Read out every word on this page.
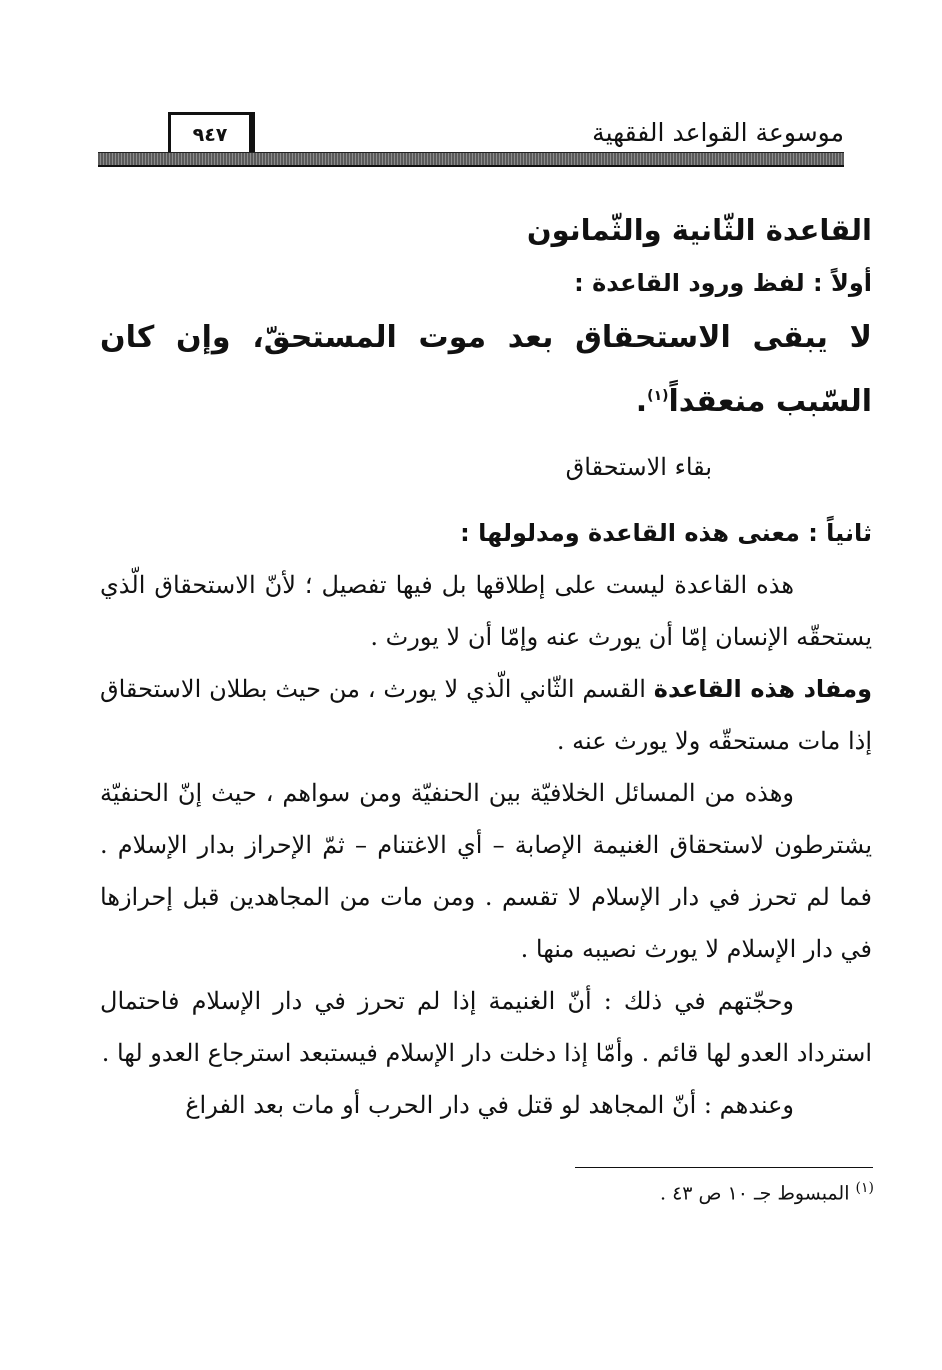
موسوعة القواعد الفقهية
٩٤٧
القاعدة الثّانية والثّمانون
أولاً : لفظ ورود القاعدة :

لا يبقى الاستحقاق بعد موت المستحقّ، وإن كان السّبب منعقداً$^{(١)}$.

بقاء الاستحقاق
ثانياً : معنى هذه القاعدة ومدلولها :

هذه القاعدة ليست على إطلاقها بل فيها تفصيل ؛ لأنّ الاستحقاق الّذي يستحقّه الإنسان إمّا أن يورث عنه وإمّا أن لا يورث .

ومفاد هذه القاعدة القسم الثّاني الّذي لا يورث ، من حيث بطلان الاستحقاق إذا مات مستحقّه ولا يورث عنه .

وهذه من المسائل الخلافيّة بين الحنفيّة ومن سواهم ، حيث إنّ الحنفيّة يشترطون لاستحقاق الغنيمة الإصابة – أي الاغتنام – ثمّ الإحراز بدار الإسلام . فما لم تحرز في دار الإسلام لا تقسم . ومن مات من المجاهدين قبل إحرازها في دار الإسلام لا يورث نصيبه منها .

وحجّتهم في ذلك : أنّ الغنيمة إذا لم تحرز في دار الإسلام فاحتمال استرداد العدو لها قائم . وأمّا إذا دخلت دار الإسلام فيستبعد استرجاع العدو لها .

وعندهم : أنّ المجاهد لو قتل في دار الحرب أو مات بعد الفراغ

$^{(١)}$ المبسوط جـ ١٠ ص ٤٣ .
